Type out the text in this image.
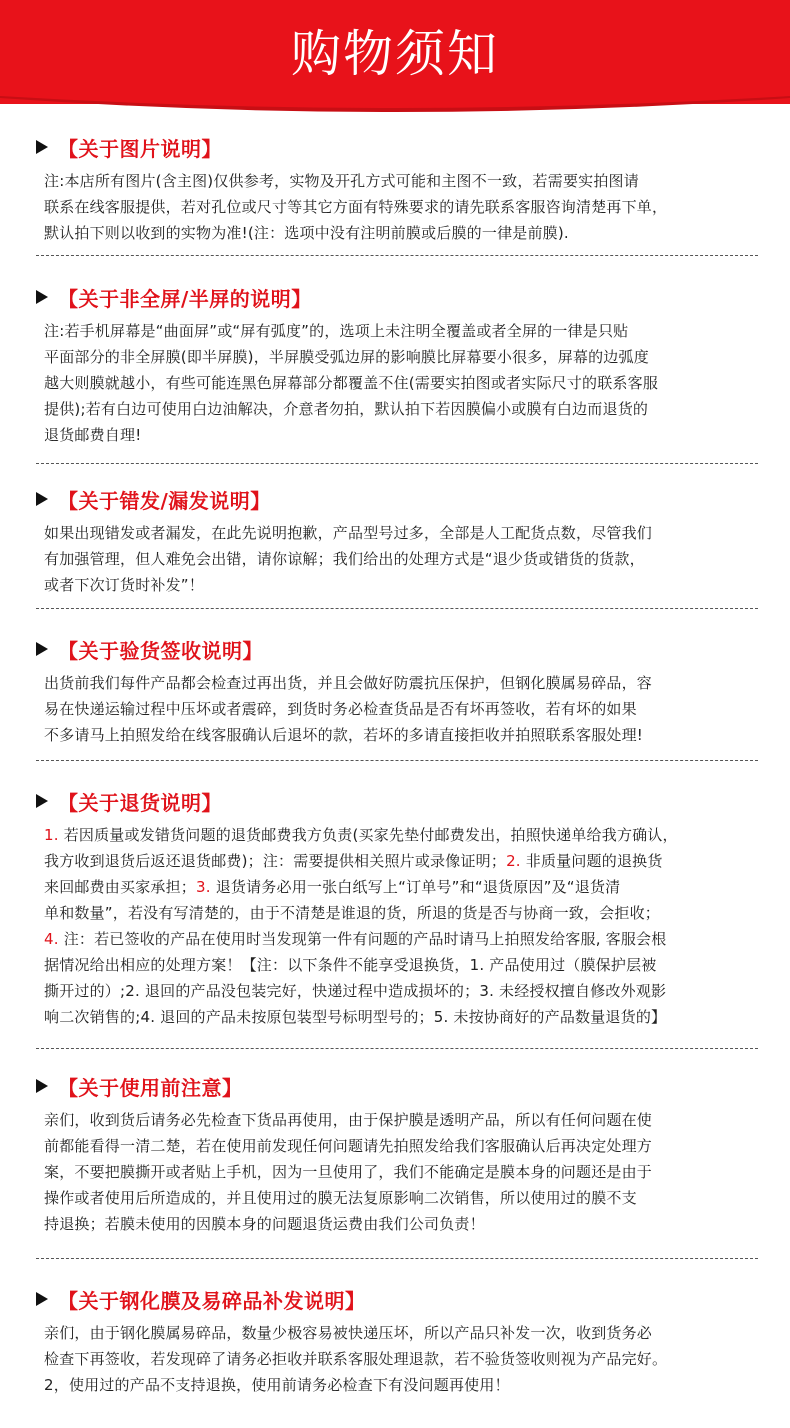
购物须知
【关于图片说明】
注:本店所有图片(含主图)仅供参考，实物及开孔方式可能和主图不一致，若需要实拍图请
联系在线客服提供，若对孔位或尺寸等其它方面有特殊要求的请先联系客服咨询清楚再下单，
默认拍下则以收到的实物为准!(注：选项中没有注明前膜或后膜的一律是前膜).
【关于非全屏/半屏的说明】
注:若手机屏幕是“曲面屏”或“屏有弧度”的，选项上未注明全覆盖或者全屏的一律是只贴
平面部分的非全屏膜(即半屏膜)，半屏膜受弧边屏的影响膜比屏幕要小很多，屏幕的边弧度
越大则膜就越小，有些可能连黑色屏幕部分都覆盖不住(需要实拍图或者实际尺寸的联系客服
提供);若有白边可使用白边油解决，介意者勿拍，默认拍下若因膜偏小或膜有白边而退货的
退货邮费自理!
【关于错发/漏发说明】
如果出现错发或者漏发，在此先说明抱歉，产品型号过多，全部是人工配货点数，尽管我们
有加强管理，但人难免会出错，请你谅解；我们给出的处理方式是“退少货或错货的货款，
或者下次订货时补发”！
【关于验货签收说明】
出货前我们每件产品都会检查过再出货，并且会做好防震抗压保护，但钢化膜属易碎品，容
易在快递运输过程中压坏或者震碎，到货时务必检查货品是否有坏再签收，若有坏的如果
不多请马上拍照发给在线客服确认后退坏的款，若坏的多请直接拒收并拍照联系客服处理!
【关于退货说明】
1. 若因质量或发错货问题的退货邮费我方负责(买家先垫付邮费发出，拍照快递单给我方确认，
我方收到退货后返还退货邮费)；注：需要提供相关照片或录像证明；2. 非质量问题的退换货
来回邮费由买家承担；3. 退货请务必用一张白纸写上“订单号”和“退货原因”及“退货清
单和数量”，若没有写清楚的，由于不清楚是谁退的货，所退的货是否与协商一致，会拒收；
4. 注：若已签收的产品在使用时当发现第一件有问题的产品时请马上拍照发给客服, 客服会根
据情况给出相应的处理方案！【注：以下条件不能享受退换货，1. 产品使用过（膜保护层被
撕开过的）;2. 退回的产品没包装完好，快递过程中造成损坏的；3. 未经授权擅自修改外观影
响二次销售的;4. 退回的产品未按原包装型号标明型号的；5. 未按协商好的产品数量退货的】
【关于使用前注意】
亲们，收到货后请务必先检查下货品再使用，由于保护膜是透明产品，所以有任何问题在使
前都能看得一清二楚，若在使用前发现任何问题请先拍照发给我们客服确认后再决定处理方
案，不要把膜撕开或者贴上手机，因为一旦使用了，我们不能确定是膜本身的问题还是由于
操作或者使用后所造成的，并且使用过的膜无法复原影响二次销售，所以使用过的膜不支
持退换；若膜未使用的因膜本身的问题退货运费由我们公司负责！
【关于钢化膜及易碎品补发说明】
亲们，由于钢化膜属易碎品，数量少极容易被快递压坏，所以产品只补发一次，收到货务必
检查下再签收，若发现碎了请务必拒收并联系客服处理退款，若不验货签收则视为产品完好。
2，使用过的产品不支持退换，使用前请务必检查下有没问题再使用！
